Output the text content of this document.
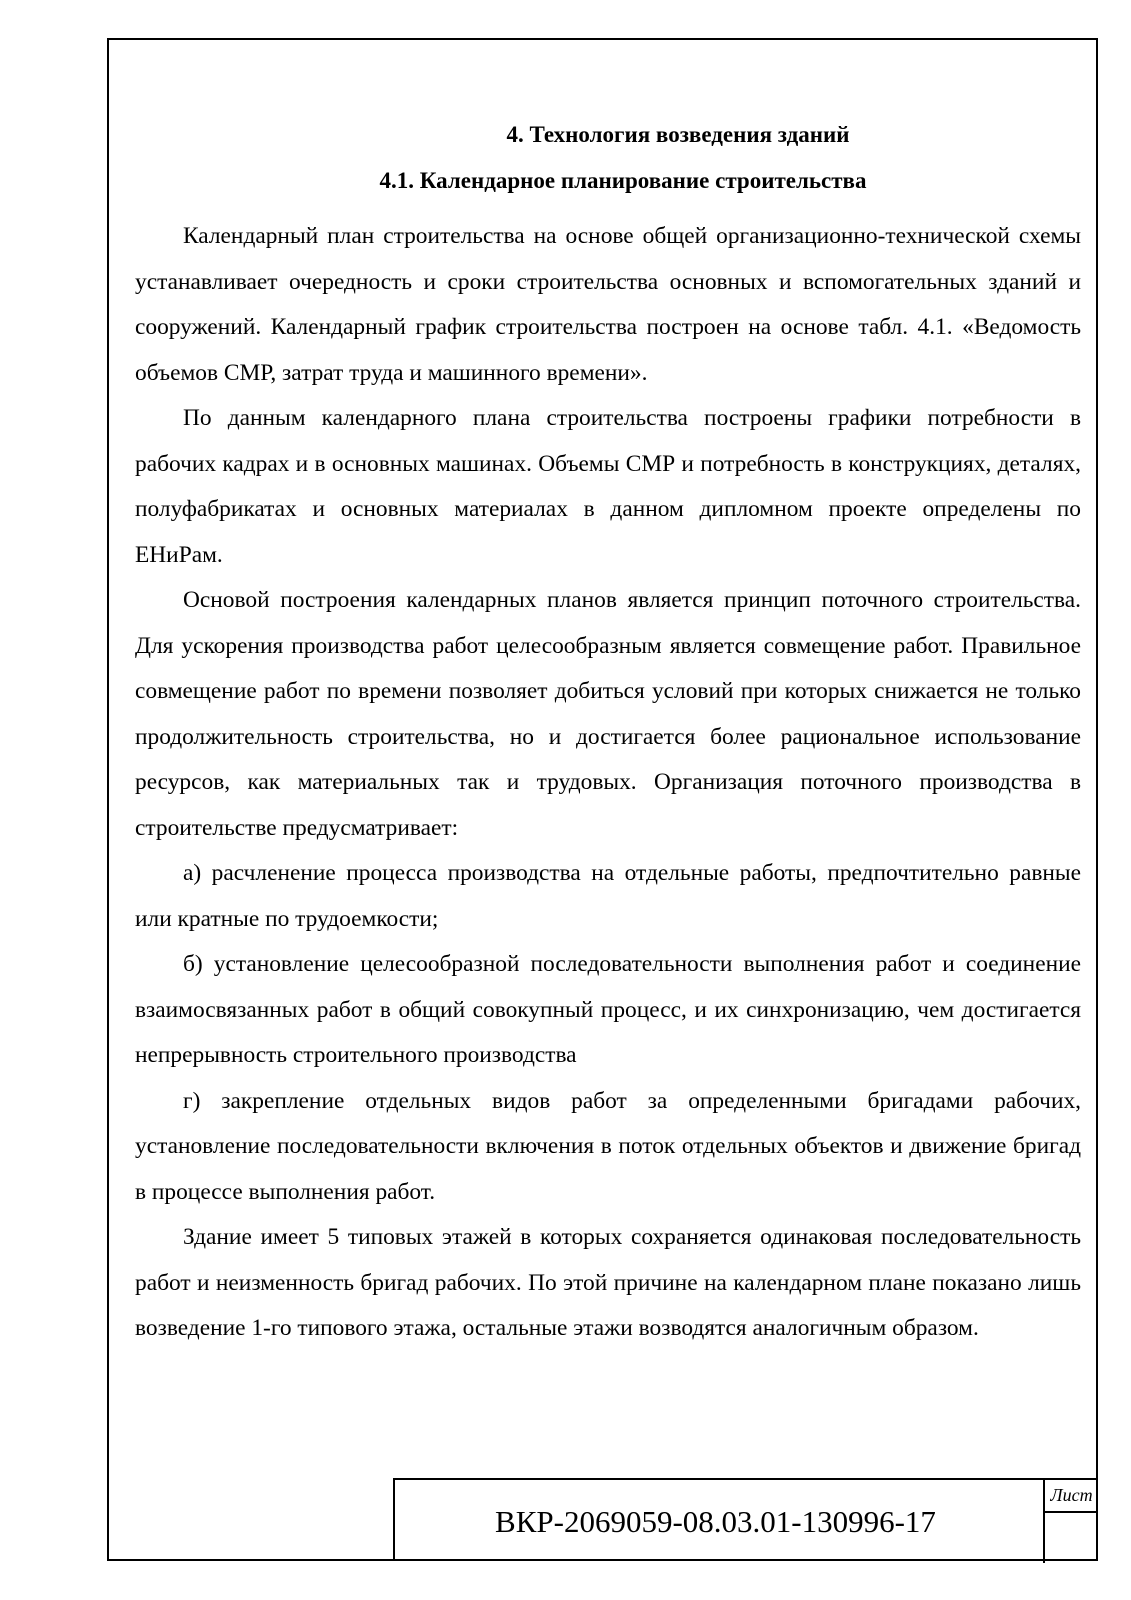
4. Технология возведения зданий

4.1. Календарное планирование строительства

Календарный план строительства на основе общей организационно-технической схемы устанавливает очередность и сроки строительства основных и вспомогательных зданий и сооружений. Календарный график строительства построен на основе табл. 4.1. «Ведомость объемов СМР, затрат труда и машинного времени».

По данным календарного плана строительства построены графики потребности в рабочих кадрах и в основных машинах. Объемы СМР и потребность в конструкциях, деталях, полуфабрикатах и основных материалах в данном дипломном проекте определены по ЕНиРам.

Основой построения календарных планов является принцип поточного строительства. Для ускорения производства работ целесообразным является совмещение работ. Правильное совмещение работ по времени позволяет добиться условий при которых снижается не только продолжительность строительства, но и достигается более рациональное использование ресурсов, как материальных так и трудовых. Организация поточного производства в строительстве предусматривает:

а) расчленение процесса производства на отдельные работы, предпочтительно равные или кратные по трудоемкости;

б) установление целесообразной последовательности выполнения работ и соединение взаимосвязанных работ в общий совокупный процесс, и их синхронизацию, чем достигается непрерывность строительного производства

г) закрепление отдельных видов работ за определенными бригадами рабочих, установление последовательности включения в поток отдельных объектов и движение бригад в процессе выполнения работ.

Здание имеет 5 типовых этажей в которых сохраняется одинаковая последовательность работ и неизменность бригад рабочих. По этой причине на календарном плане показано лишь возведение 1-го типового этажа, остальные этажи возводятся аналогичным образом.

ВКР-2069059-08.03.01-130996-17
Лист
